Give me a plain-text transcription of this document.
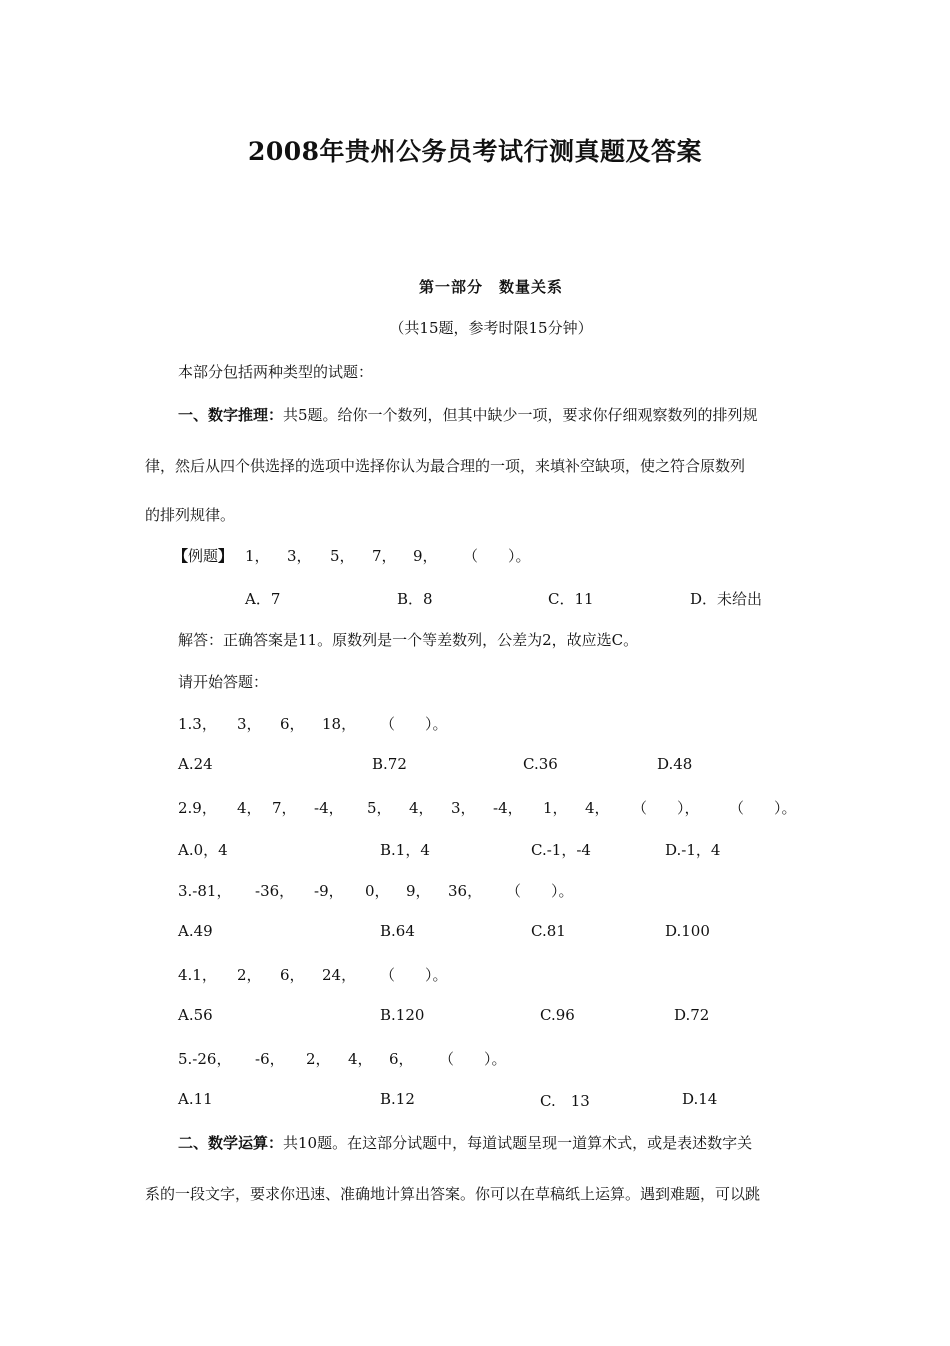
2008年贵州公务员考试行测真题及答案
第一部分　数量关系
（共15题，参考时限15分钟）
本部分包括两种类型的试题：
一、数字推理：共5题。给你一个数列，但其中缺少一项，要求你仔细观察数列的排列规
律，然后从四个供选择的选项中选择你认为最合理的一项，来填补空缺项，使之符合原数列
的排列规律。
【例题】 1， 3， 5， 7， 9， （　　）。
A．7	B．8	C．11	D．未给出
解答：正确答案是11。原数列是一个等差数列，公差为2，故应选C。
请开始答题：
1.3， 3， 6， 18， （　　）。
A.24	B.72	C.36	D.48
2.9， 4， 7， -4， 5， 4， 3， -4， 1， 4， （　　）， （　　）。
A.0，4	B.1，4	C.-1，-4	D.-1，4
3.-81， -36， -9， 0， 9， 36， （　　）。
A.49	B.64	C.81	D.100
4.1， 2， 6， 24， （　　）。
A.56	B.120	C.96	D.72
5.-26， -6， 2， 4， 6， （　　）。
A.11	B.12	C.　13	D.14
二、数学运算：共10题。在这部分试题中，每道试题呈现一道算术式，或是表述数字关
系的一段文字，要求你迅速、准确地计算出答案。你可以在草稿纸上运算。遇到难题，可以跳
